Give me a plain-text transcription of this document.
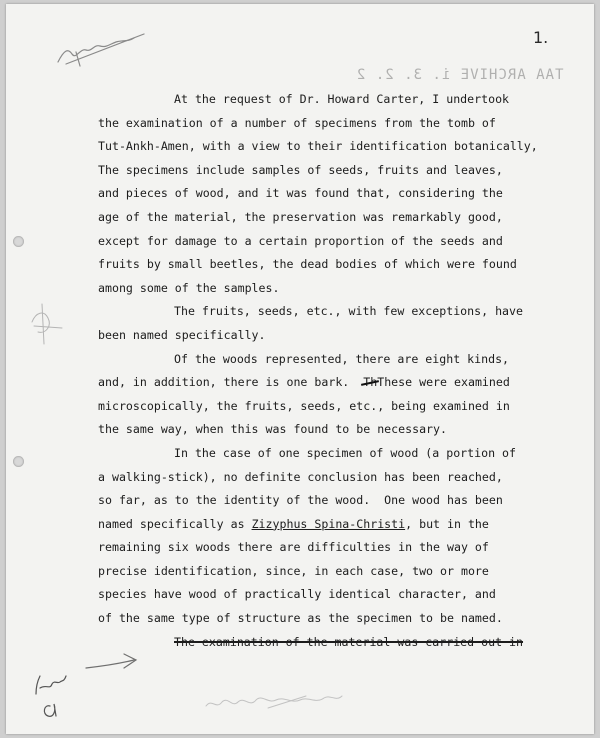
1.
TAA ARCHIVE i. 3. 2. 2
At the request of Dr. Howard Carter, I undertook
the examination of a number of specimens from the tomb of
Tut-Ankh-Amen, with a view to their identification botanically,
The specimens include samples of seeds, fruits and leaves,
and pieces of wood, and it was found that, considering the
age of the material, the preservation was remarkably good,
except for damage to a certain proportion of the seeds and
fruits by small beetles, the dead bodies of which were found
among some of the samples.
The fruits, seeds, etc., with few exceptions, have
been named specifically.
Of the woods represented, there are eight kinds,
and, in addition, there is one bark.  ThThese were examined
microscopically, the fruits, seeds, etc., being examined in
the same way, when this was found to be necessary.
In the case of one specimen of wood (a portion of
a walking-stick), no definite conclusion has been reached,
so far, as to the identity of the wood.  One wood has been
named specifically as Zizyphus Spina-Christi, but in the
remaining six woods there are difficulties in the way of
precise identification, since, in each case, two or more
species have wood of practically identical character, and
of the same type of structure as the specimen to be named.
The examination of the material was carried out in
